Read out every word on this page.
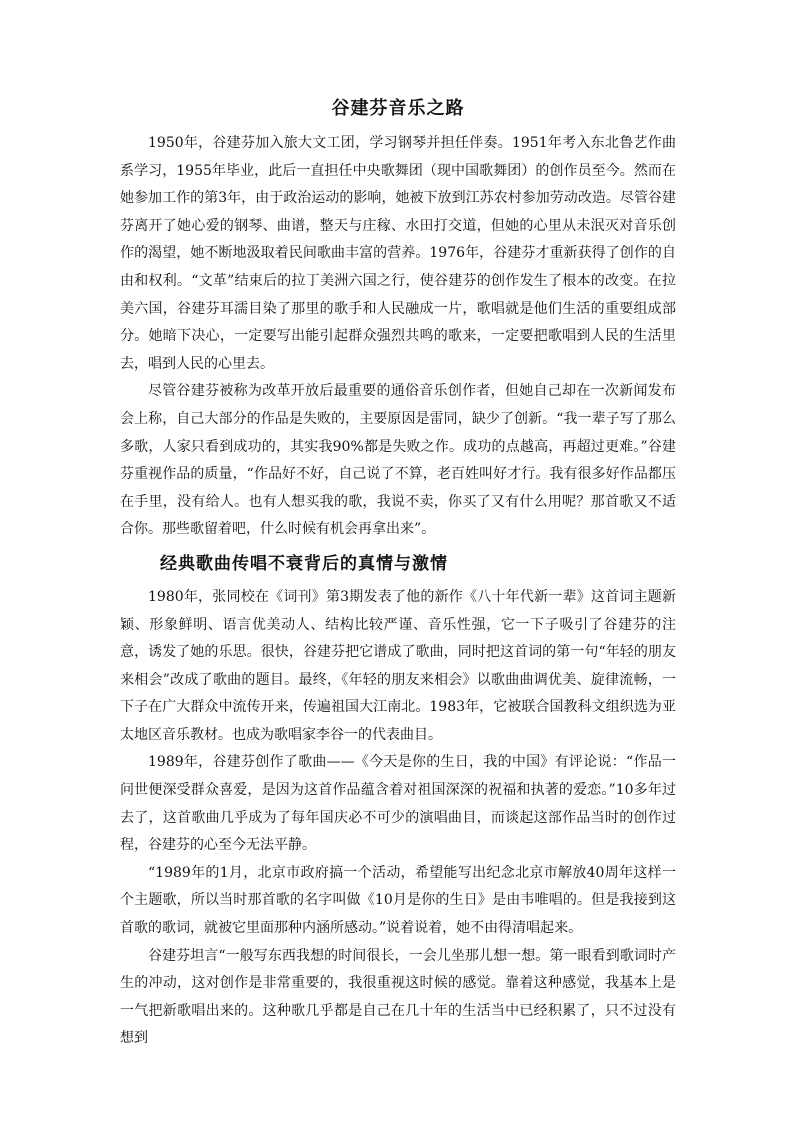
谷建芬音乐之路

1950年，谷建芬加入旅大文工团，学习钢琴并担任伴奏。1951年考入东北鲁艺作曲系学习，1955年毕业，此后一直担任中央歌舞团（现中国歌舞团）的创作员至今。然而在她参加工作的第3年，由于政治运动的影响，她被下放到江苏农村参加劳动改造。尽管谷建芬离开了她心爱的钢琴、曲谱，整天与庄稼、水田打交道，但她的心里从未泯灭对音乐创作的渴望，她不断地汲取着民间歌曲丰富的营养。1976年，谷建芬才重新获得了创作的自由和权利。“文革”结束后的拉丁美洲六国之行，使谷建芬的创作发生了根本的改变。在拉美六国，谷建芬耳濡目染了那里的歌手和人民融成一片，歌唱就是他们生活的重要组成部分。她暗下决心，一定要写出能引起群众强烈共鸣的歌来，一定要把歌唱到人民的生活里去，唱到人民的心里去。

尽管谷建芬被称为改革开放后最重要的通俗音乐创作者，但她自己却在一次新闻发布会上称，自己大部分的作品是失败的，主要原因是雷同，缺少了创新。“我一辈子写了那么多歌，人家只看到成功的，其实我90%都是失败之作。成功的点越高，再超过更难。”谷建芬重视作品的质量，“作品好不好，自己说了不算，老百姓叫好才行。我有很多好作品都压在手里，没有给人。也有人想买我的歌，我说不卖，你买了又有什么用呢？那首歌又不适合你。那些歌留着吧，什么时候有机会再拿出来”。

经典歌曲传唱不衰背后的真情与激情

1980年，张同校在《词刊》第3期发表了他的新作《八十年代新一辈》这首词主题新颖、形象鲜明、语言优美动人、结构比较严谨、音乐性强，它一下子吸引了谷建芬的注意，诱发了她的乐思。很快，谷建芬把它谱成了歌曲，同时把这首词的第一句“年轻的朋友来相会”改成了歌曲的题目。最终，《年轻的朋友来相会》以歌曲曲调优美、旋律流畅，一下子在广大群众中流传开来，传遍祖国大江南北。1983年，它被联合国教科文组织选为亚太地区音乐教材。也成为歌唱家李谷一的代表曲目。

1989年，谷建芬创作了歌曲——《今天是你的生日，我的中国》有评论说：“作品一问世便深受群众喜爱，是因为这首作品蕴含着对祖国深深的祝福和执著的爱恋。”10多年过去了，这首歌曲几乎成为了每年国庆必不可少的演唱曲目，而谈起这部作品当时的创作过程，谷建芬的心至今无法平静。

“1989年的1月，北京市政府搞一个活动，希望能写出纪念北京市解放40周年这样一个主题歌，所以当时那首歌的名字叫做《10月是你的生日》是由韦唯唱的。但是我接到这首歌的歌词，就被它里面那种内涵所感动。”说着说着，她不由得清唱起来。

谷建芬坦言“一般写东西我想的时间很长，一会儿坐那儿想一想。第一眼看到歌词时产生的冲动，这对创作是非常重要的，我很重视这时候的感觉。靠着这种感觉，我基本上是一气把新歌唱出来的。这种歌几乎都是自己在几十年的生活当中已经积累了，只不过没有想到
